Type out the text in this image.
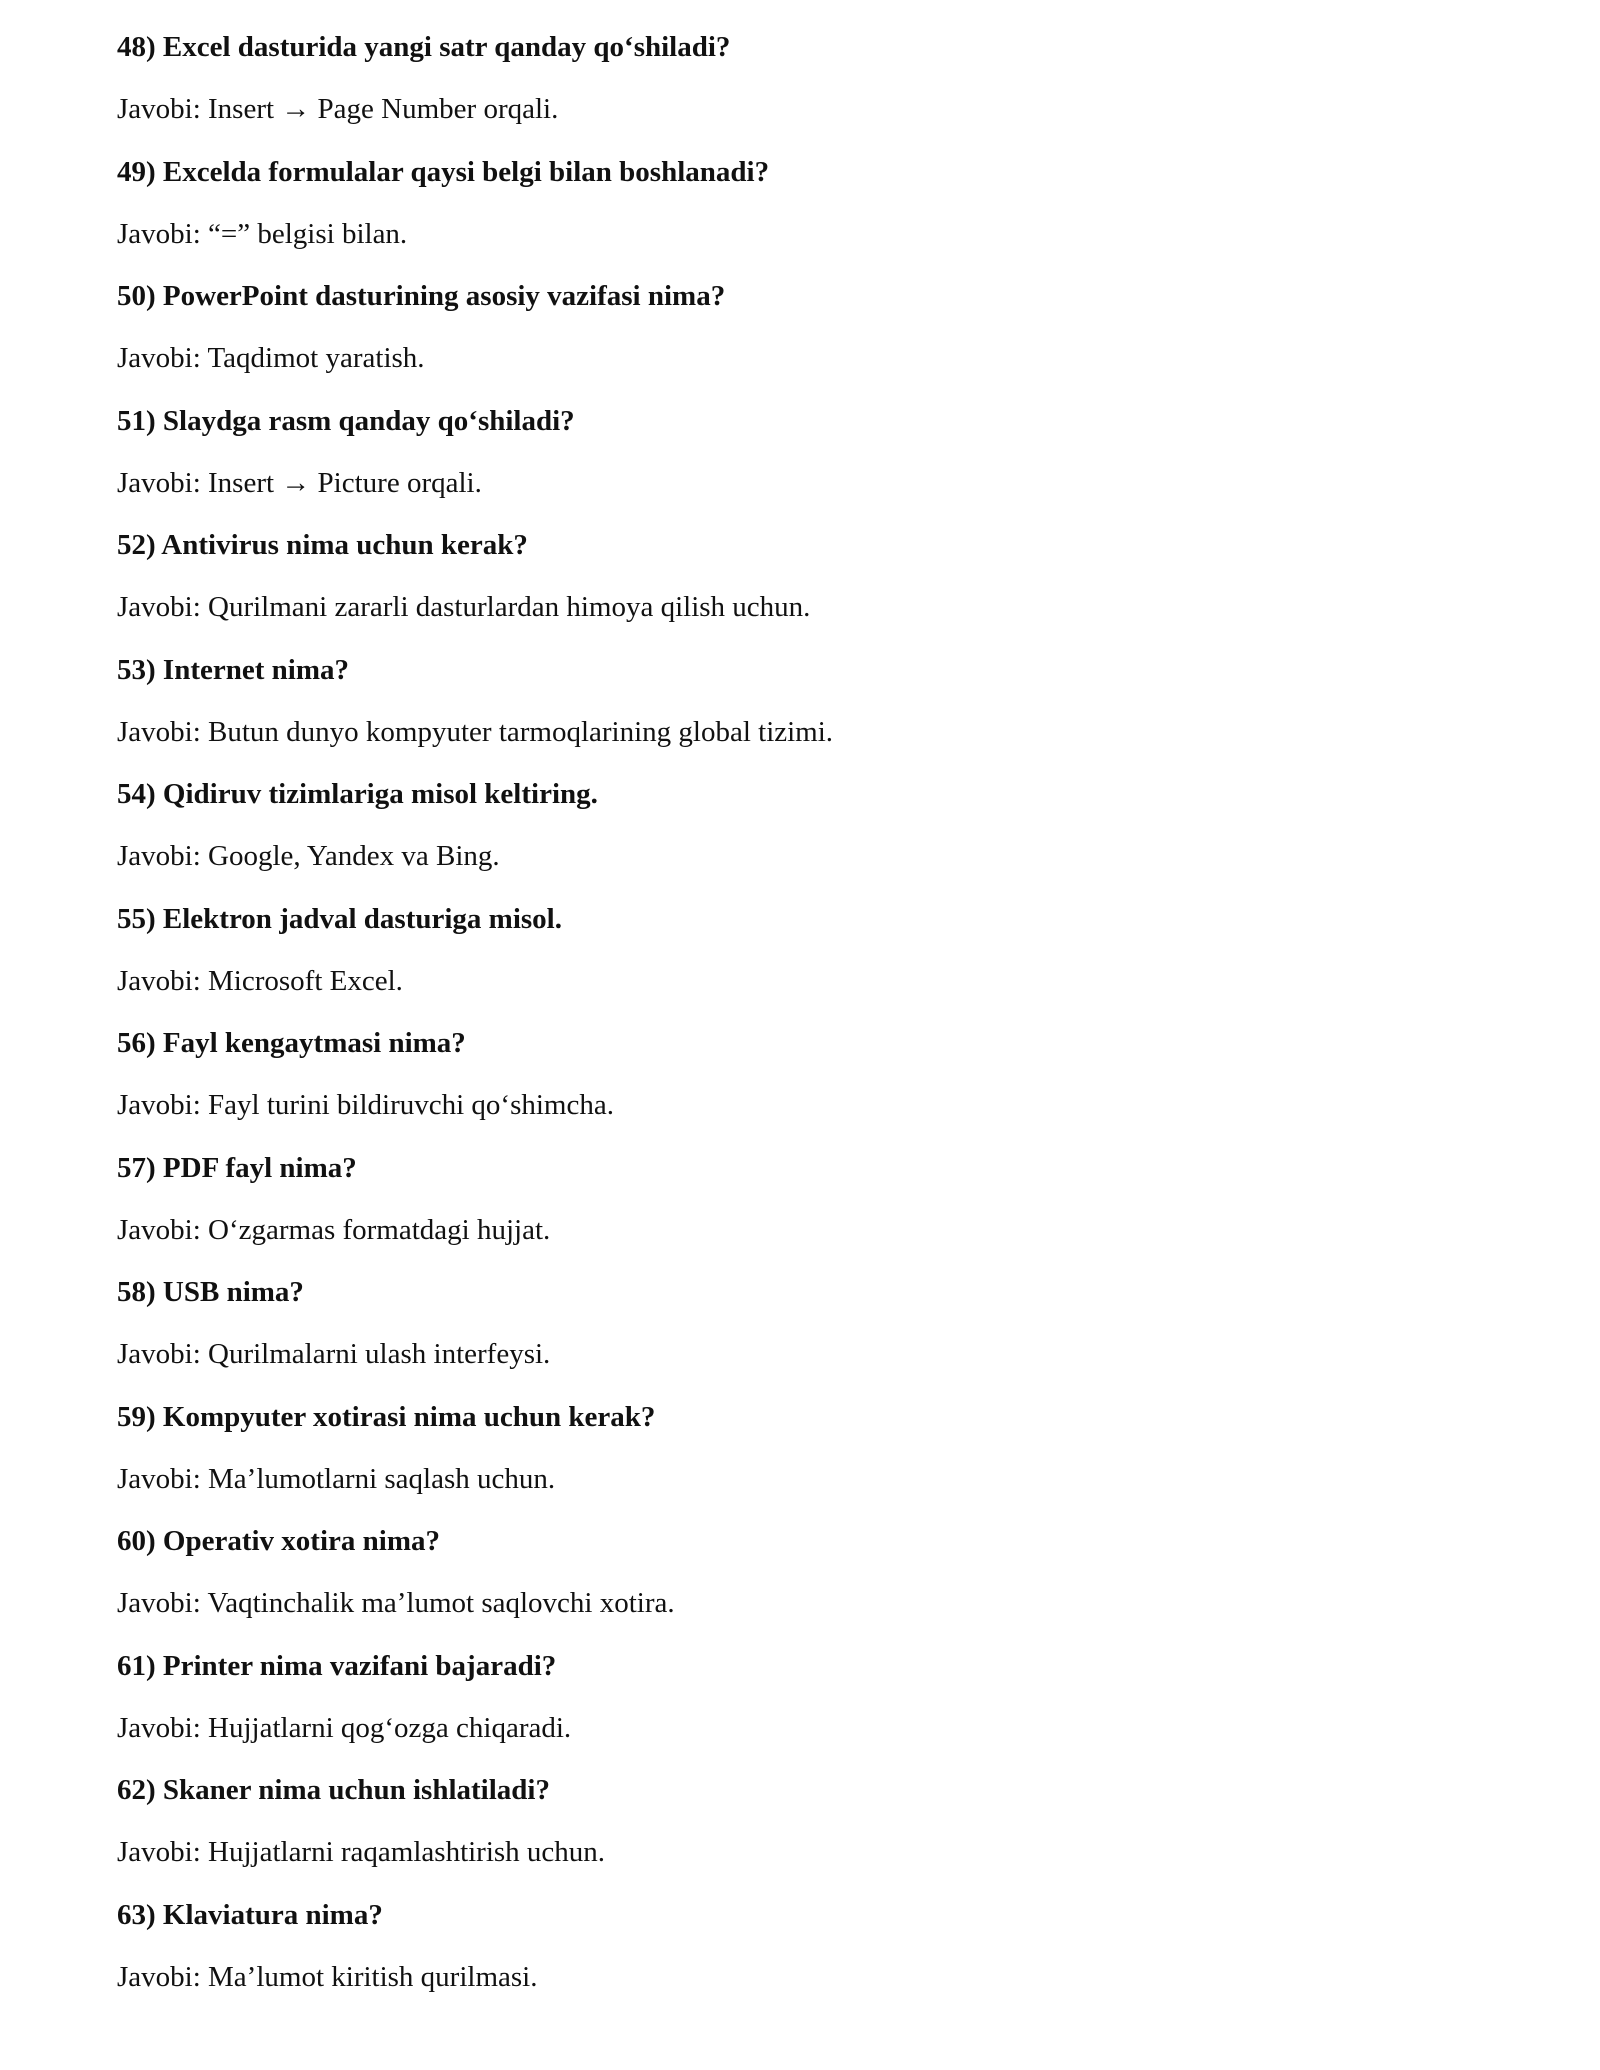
48) Excel dasturida yangi satr qanday qo‘shiladi?

Javobi: Insert → Page Number orqali.

49) Excelda formulalar qaysi belgi bilan boshlanadi?

Javobi: “=” belgisi bilan.

50) PowerPoint dasturining asosiy vazifasi nima?

Javobi: Taqdimot yaratish.

51) Slaydga rasm qanday qo‘shiladi?

Javobi: Insert → Picture orqali.

52) Antivirus nima uchun kerak?

Javobi: Qurilmani zararli dasturlardan himoya qilish uchun.

53) Internet nima?

Javobi: Butun dunyo kompyuter tarmoqlarining global tizimi.

54) Qidiruv tizimlariga misol keltiring.

Javobi: Google, Yandex va Bing.

55) Elektron jadval dasturiga misol.

Javobi: Microsoft Excel.

56) Fayl kengaytmasi nima?

Javobi: Fayl turini bildiruvchi qo‘shimcha.

57) PDF fayl nima?

Javobi: O‘zgarmas formatdagi hujjat.

58) USB nima?

Javobi: Qurilmalarni ulash interfeysi.

59) Kompyuter xotirasi nima uchun kerak?

Javobi: Ma’lumotlarni saqlash uchun.

60) Operativ xotira nima?

Javobi: Vaqtinchalik ma’lumot saqlovchi xotira.

61) Printer nima vazifani bajaradi?

Javobi: Hujjatlarni qog‘ozga chiqaradi.

62) Skaner nima uchun ishlatiladi?

Javobi: Hujjatlarni raqamlashtirish uchun.

63) Klaviatura nima?

Javobi: Ma’lumot kiritish qurilmasi.
